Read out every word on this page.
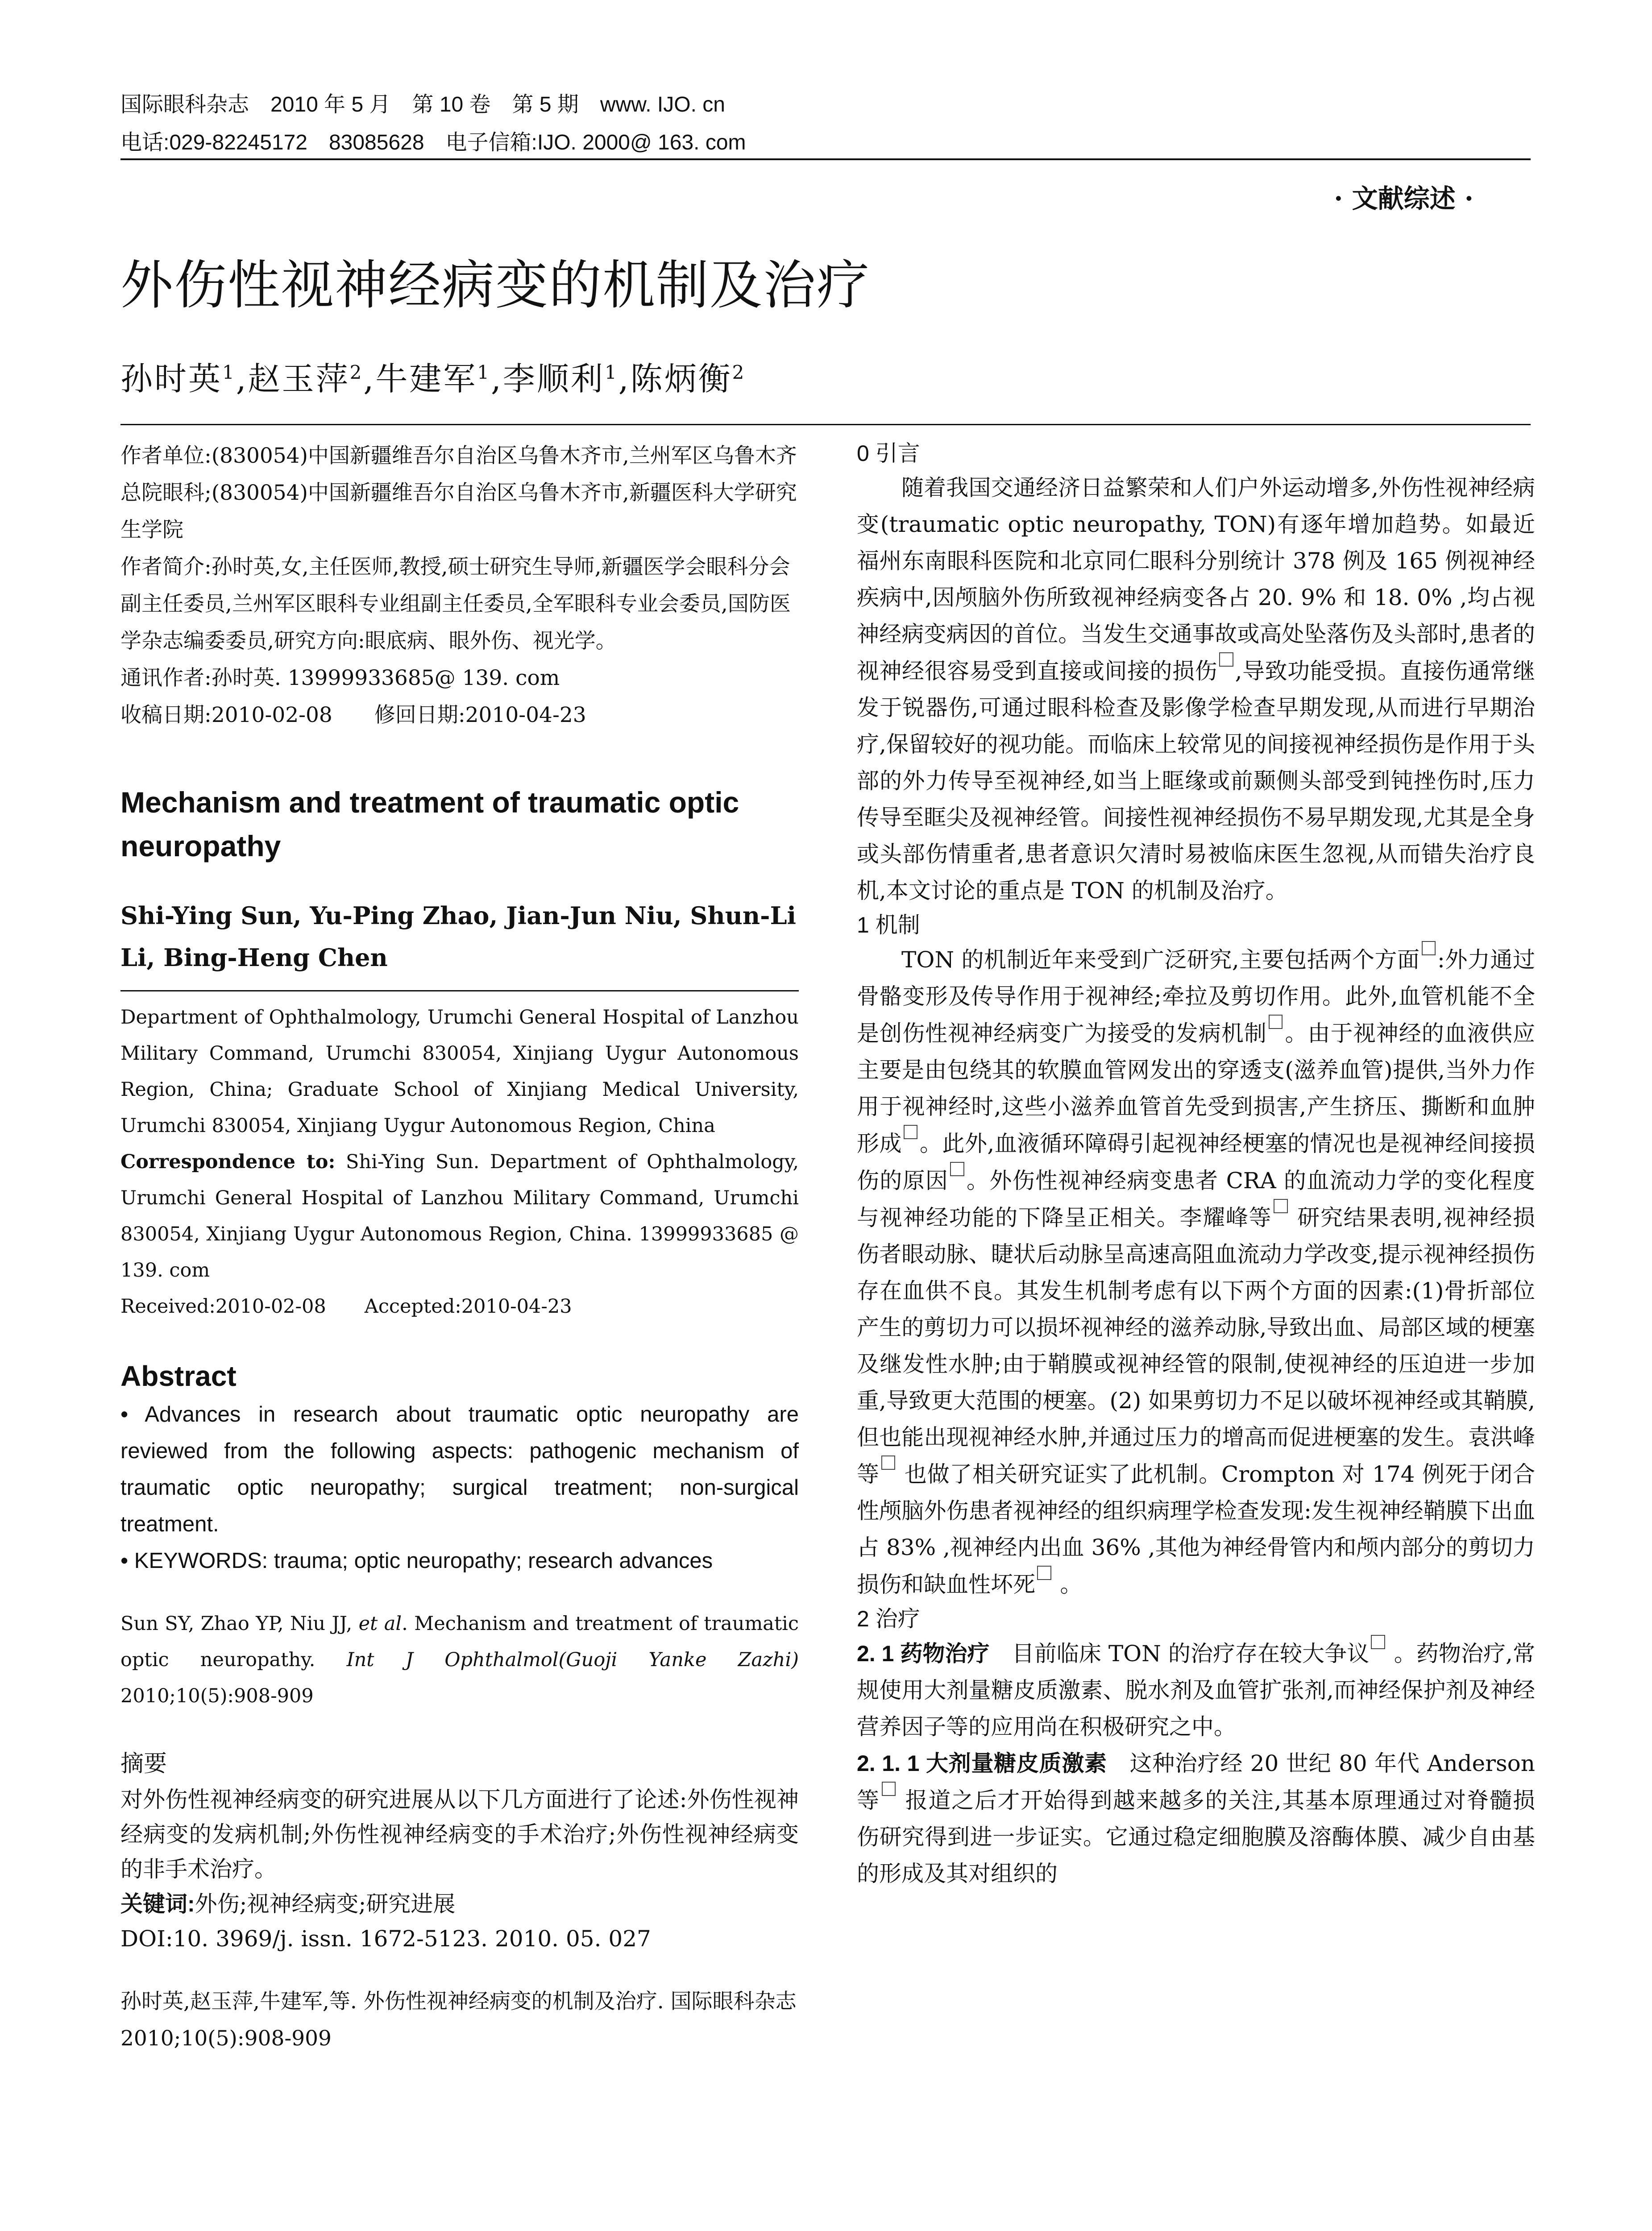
国际眼科杂志　2010 年 5 月　第 10 卷　第 5 期　www. IJO. cn
电话:029-82245172　83085628　电子信箱:IJO. 2000@ 163. com
· 文献综述 ·
外伤性视神经病变的机制及治疗
孙时英$^1$,赵玉萍$^2$,牛建军$^1$,李顺利$^1$,陈炳衡$^2$

作者单位:(830054)中国新疆维吾尔自治区乌鲁木齐市,兰州军区乌鲁木齐总院眼科;(830054)中国新疆维吾尔自治区乌鲁木齐市,新疆医科大学研究生学院

作者简介:孙时英,女,主任医师,教授,硕士研究生导师,新疆医学会眼科分会副主任委员,兰州军区眼科专业组副主任委员,全军眼科专业会委员,国防医学杂志编委委员,研究方向:眼底病、眼外伤、视光学。

通讯作者:孙时英. 13999933685@ 139. com

收稿日期:2010-02-08　　修回日期:2010-04-23

Mechanism and treatment of traumatic optic neuropathy

Shi-Ying Sun, Yu-Ping Zhao, Jian-Jun Niu, Shun-Li Li, Bing-Heng Chen

Department of Ophthalmology, Urumchi General Hospital of Lanzhou Military Command, Urumchi 830054, Xinjiang Uygur Autonomous Region, China; Graduate School of Xinjiang Medical University, Urumchi 830054, Xinjiang Uygur Autonomous Region, China

Correspondence to: Shi-Ying Sun. Department of Ophthalmology, Urumchi General Hospital of Lanzhou Military Command, Urumchi 830054, Xinjiang Uygur Autonomous Region, China. 13999933685 @ 139. com

Received:2010-02-08　　Accepted:2010-04-23

Abstract

• Advances in research about traumatic optic neuropathy are reviewed from the following aspects: pathogenic mechanism of traumatic optic neuropathy; surgical treatment; non-surgical treatment.

• KEYWORDS: trauma; optic neuropathy; research advances

Sun SY, Zhao YP, Niu JJ, et al. Mechanism and treatment of traumatic optic neuropathy. Int J Ophthalmol(Guoji Yanke Zazhi) 2010;10(5):908-909

摘要

对外伤性视神经病变的研究进展从以下几方面进行了论述:外伤性视神经病变的发病机制;外伤性视神经病变的手术治疗;外伤性视神经病变的非手术治疗。

关键词:外伤;视神经病变;研究进展

DOI:10. 3969/j. issn. 1672-5123. 2010. 05. 027

孙时英,赵玉萍,牛建军,等. 外伤性视神经病变的机制及治疗. 国际眼科杂志 2010;10(5):908-909

0 引言

随着我国交通经济日益繁荣和人们户外运动增多,外伤性视神经病变(traumatic optic neuropathy, TON)有逐年增加趋势。如最近福州东南眼科医院和北京同仁眼科分别统计 378 例及 165 例视神经疾病中,因颅脑外伤所致视神经病变各占 20. 9% 和 18. 0% ,均占视神经病变病因的首位。当发生交通事故或高处坠落伤及头部时,患者的视神经很容易受到直接或间接的损伤 ,导致功能受损。直接伤通常继发于锐器伤,可通过眼科检查及影像学检查早期发现,从而进行早期治疗,保留较好的视功能。而临床上较常见的间接视神经损伤是作用于头部的外力传导至视神经,如当上眶缘或前颞侧头部受到钝挫伤时,压力传导至眶尖及视神经管。间接性视神经损伤不易早期发现,尤其是全身或头部伤情重者,患者意识欠清时易被临床医生忽视,从而错失治疗良机,本文讨论的重点是 TON 的机制及治疗。

1 机制

TON 的机制近年来受到广泛研究,主要包括两个方面 :外力通过骨骼变形及传导作用于视神经;牵拉及剪切作用。此外,血管机能不全是创伤性视神经病变广为接受的发病机制 。由于视神经的血液供应主要是由包绕其的软膜血管网发出的穿透支(滋养血管)提供,当外力作用于视神经时,这些小滋养血管首先受到损害,产生挤压、撕断和血肿形成 。此外,血液循环障碍引起视神经梗塞的情况也是视神经间接损伤的原因 。外伤性视神经病变患者 CRA 的血流动力学的变化程度与视神经功能的下降呈正相关。李耀峰等 研究结果表明,视神经损伤者眼动脉、睫状后动脉呈高速高阻血流动力学改变,提示视神经损伤存在血供不良。其发生机制考虑有以下两个方面的因素:(1)骨折部位产生的剪切力可以损坏视神经的滋养动脉,导致出血、局部区域的梗塞及继发性水肿;由于鞘膜或视神经管的限制,使视神经的压迫进一步加重,导致更大范围的梗塞。(2) 如果剪切力不足以破坏视神经或其鞘膜,但也能出现视神经水肿,并通过压力的增高而促进梗塞的发生。袁洪峰等 也做了相关研究证实了此机制。Crompton 对 174 例死于闭合性颅脑外伤患者视神经的组织病理学检查发现:发生视神经鞘膜下出血占 83% ,视神经内出血 36% ,其他为神经骨管内和颅内部分的剪切力损伤和缺血性坏死 。

2 治疗

2. 1 药物治疗　目前临床 TON 的治疗存在较大争议 。药物治疗,常规使用大剂量糖皮质激素、脱水剂及血管扩张剂,而神经保护剂及神经营养因子等的应用尚在积极研究之中。

2. 1. 1 大剂量糖皮质激素　这种治疗经 20 世纪 80 年代 Anderson 等 报道之后才开始得到越来越多的关注,其基本原理通过对脊髓损伤研究得到进一步证实。它通过稳定细胞膜及溶酶体膜、减少自由基的形成及其对组织的
